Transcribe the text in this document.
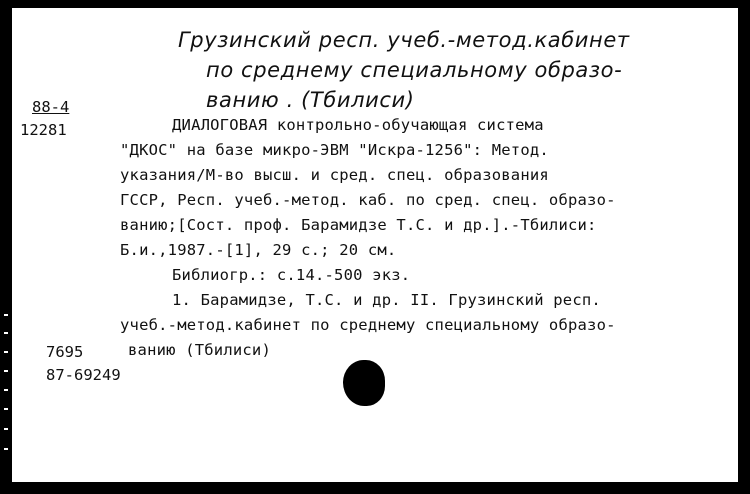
Грузинский респ. учеб.-метод.кабинет
по среднему специальному образо-
ванию . (Тбилиси)
88-4
12281	ДИАЛОГОВАЯ контрольно-обучающая система
"ДКОС" на базе микро-ЭВМ "Искра-1256": Метод.
указания/М-во высш. и сред. спец. образования
ГССР, Респ. учеб.-метод. каб. по сред. спец. образо-
ванию;[Сост. проф. Барамидзе Т.С. и др.].-Тбилиси:
Б.и.,1987.-[1], 29 с.; 20 см.
Библиогр.: с.14.-500 экз.
1. Барамидзе, Т.С. и др. II. Грузинский респ.
учеб.-метод.кабинет по среднему специальному образо-
ванию (Тбилиси)
7695
87-69249
